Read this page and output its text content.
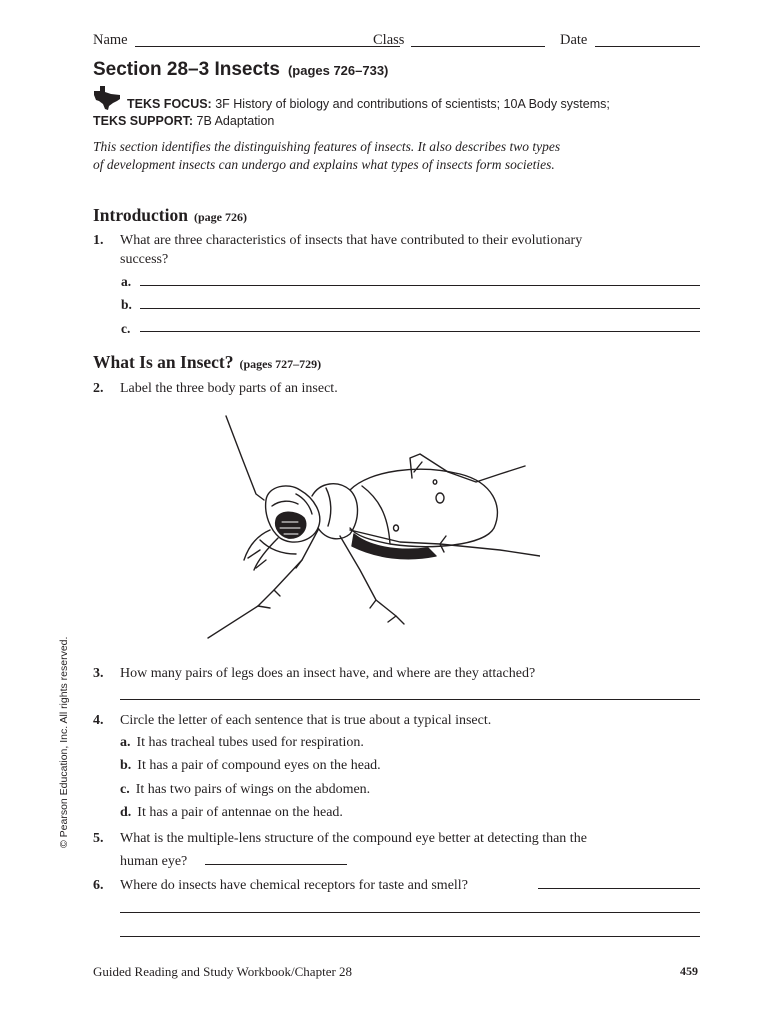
Name	Class	Date
Section 28–3 Insects (pages 726–733)
TEKS FOCUS: 3F History of biology and contributions of scientists; 10A Body systems;
TEKS SUPPORT: 7B Adaptation
This section identifies the distinguishing features of insects. It also describes two types of development insects can undergo and explains what types of insects form societies.
Introduction (page 726)
1. What are three characteristics of insects that have contributed to their evolutionary
success?
a.
b.
c.
What Is an Insect? (pages 727–729)
2. Label the three body parts of an insect.
3. How many pairs of legs does an insect have, and where are they attached?
4. Circle the letter of each sentence that is true about a typical insect.
a. It has tracheal tubes used for respiration.
b. It has a pair of compound eyes on the head.
c. It has two pairs of wings on the abdomen.
d. It has a pair of antennae on the head.
5. What is the multiple-lens structure of the compound eye better at detecting than the
human eye?
6. Where do insects have chemical receptors for taste and smell?
© Pearson Education, Inc. All rights reserved.
Guided Reading and Study Workbook/Chapter 28	459
